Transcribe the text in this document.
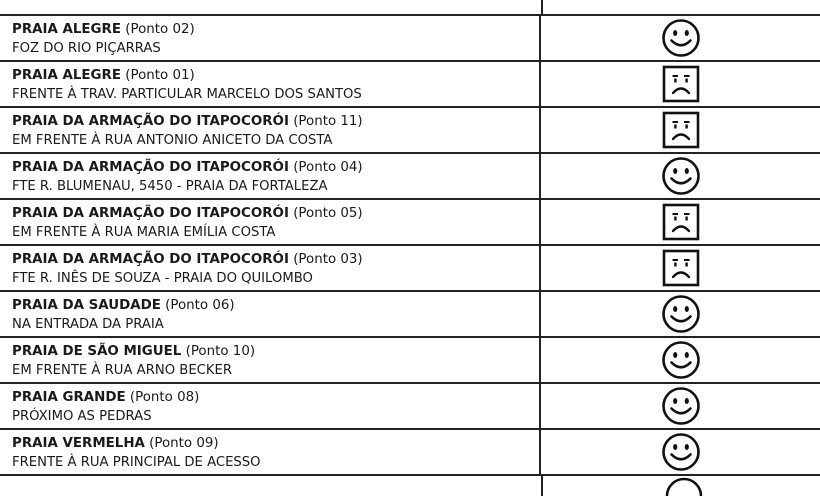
PRAIA ALEGRE (Ponto 02)
FOZ DO RIO PIÇARRAS
PRAIA ALEGRE (Ponto 01)
FRENTE À TRAV. PARTICULAR MARCELO DOS SANTOS
PRAIA DA ARMAÇÃO DO ITAPOCORÓI (Ponto 11)
EM FRENTE À RUA ANTONIO ANICETO DA COSTA
PRAIA DA ARMAÇÃO DO ITAPOCORÓI (Ponto 04)
FTE R. BLUMENAU, 5450 - PRAIA DA FORTALEZA
PRAIA DA ARMAÇÃO DO ITAPOCORÓI (Ponto 05)
EM FRENTE À RUA MARIA EMÍLIA COSTA
PRAIA DA ARMAÇÃO DO ITAPOCORÓI (Ponto 03)
FTE R. INÊS DE SOUZA - PRAIA DO QUILOMBO
PRAIA DA SAUDADE (Ponto 06)
NA ENTRADA DA PRAIA
PRAIA DE SÃO MIGUEL (Ponto 10)
EM FRENTE À RUA ARNO BECKER
PRAIA GRANDE (Ponto 08)
PRÓXIMO AS PEDRAS
PRAIA VERMELHA (Ponto 09)
FRENTE À RUA PRINCIPAL DE ACESSO
